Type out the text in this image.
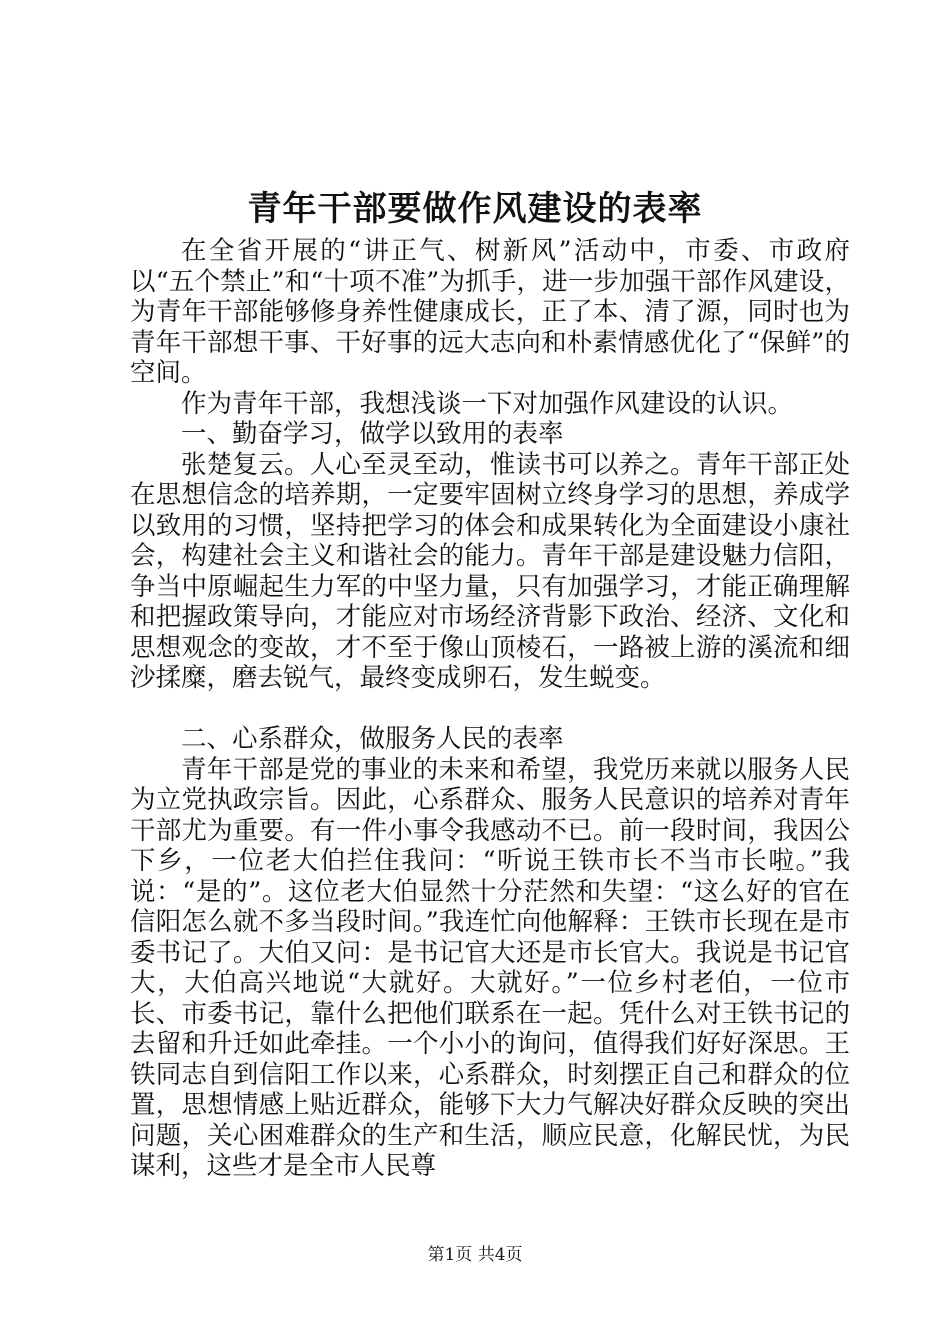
青年干部要做作风建设的表率

在全省开展的“讲正气、树新风”活动中，市委、市政府以“五个禁止”和“十项不准”为抓手，进一步加强干部作风建设，为青年干部能够修身养性健康成长，正了本、清了源，同时也为青年干部想干事、干好事的远大志向和朴素情感优化了“保鲜”的空间。

作为青年干部，我想浅谈一下对加强作风建设的认识。

一、勤奋学习，做学以致用的表率

张楚复云。人心至灵至动，惟读书可以养之。青年干部正处在思想信念的培养期，一定要牢固树立终身学习的思想，养成学以致用的习惯，坚持把学习的体会和成果转化为全面建设小康社会，构建社会主义和谐社会的能力。青年干部是建设魅力信阳，争当中原崛起生力军的中坚力量，只有加强学习，才能正确理解和把握政策导向，才能应对市场经济背影下政治、经济、文化和思想观念的变故，才不至于像山顶棱石，一路被上游的溪流和细沙揉糜，磨去锐气，最终变成卵石，发生蜕变。

二、心系群众，做服务人民的表率

青年干部是党的事业的未来和希望，我党历来就以服务人民为立党执政宗旨。因此，心系群众、服务人民意识的培养对青年干部尤为重要。有一件小事令我感动不已。前一段时间，我因公下乡，一位老大伯拦住我问：“听说王铁市长不当市长啦。”我说：“是的”。这位老大伯显然十分茫然和失望：“这么好的官在信阳怎么就不多当段时间。”我连忙向他解释：王铁市长现在是市委书记了。大伯又问：是书记官大还是市长官大。我说是书记官大，大伯高兴地说“大就好。大就好。”一位乡村老伯，一位市长、市委书记，靠什么把他们联系在一起。凭什么对王铁书记的去留和升迁如此牵挂。一个小小的询问，值得我们好好深思。王铁同志自到信阳工作以来，心系群众，时刻摆正自己和群众的位置，思想情感上贴近群众，能够下大力气解决好群众反映的突出问题，关心困难群众的生产和生活，顺应民意，化解民忧，为民谋利，这些才是全市人民尊

第1页 共4页
